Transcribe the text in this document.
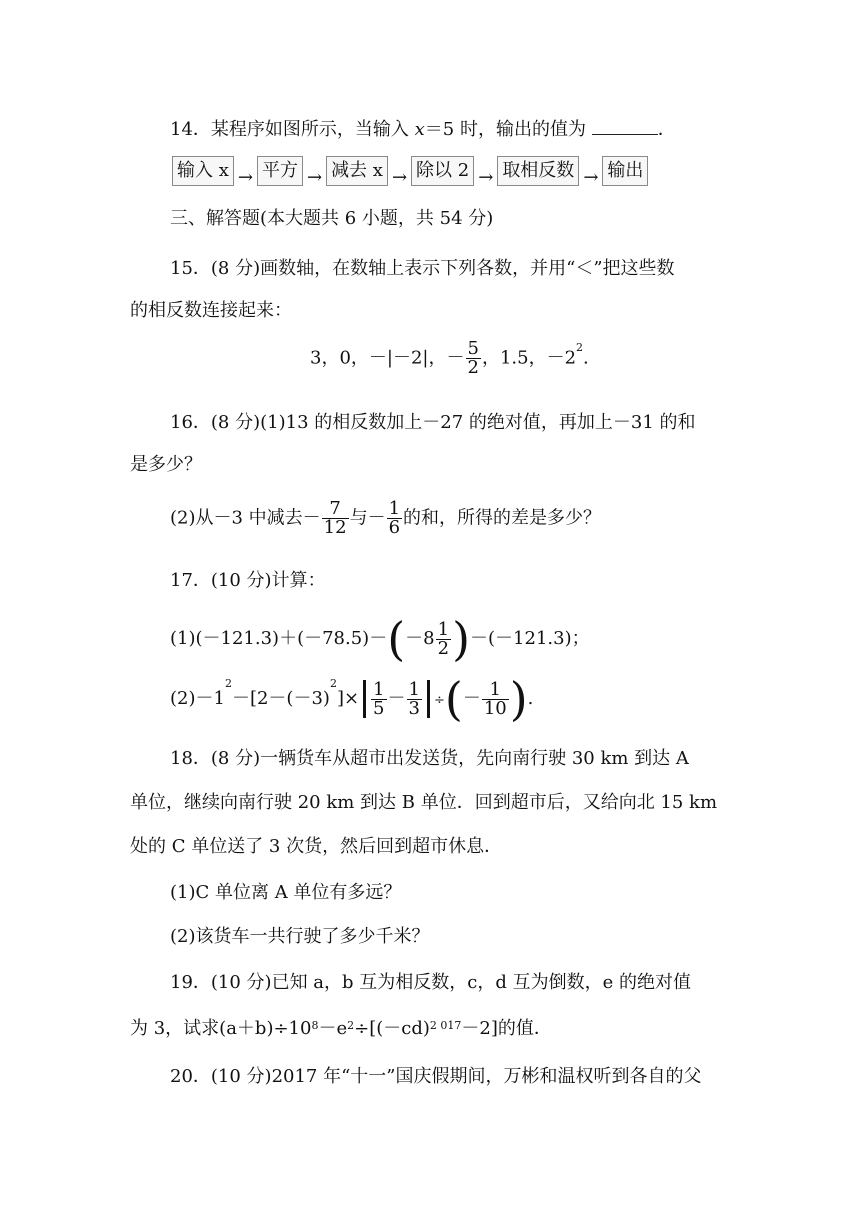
14．某程序如图所示，当输入 x＝5 时，输出的值为	．
输入 x → 平方 → 减去 x → 除以 2 → 取相反数 → 输出
三、解答题(本大题共 6 小题，共 54 分)
15．(8 分)画数轴，在数轴上表示下列各数，并用“＜”把这些数
的相反数连接起来：
3，0，－|－2|，－ $\frac{5}{2}$ ，1.5，$-2^2$.
16．(8 分)(1)13 的相反数加上－27 的绝对值，再加上－31 的和
是多少？
(2)从－3 中减去－ $\frac{7}{12}$ 与－ $\frac{1}{6}$ 的和，所得的差是多少？
17．(10 分)计算：
$(1)(-121.3)+(-78.5)-(-8 \frac{1}{2} )-(-121.3)$；
$(2)-1^2-[2-(-3)^2]\times \frac{1}{5} - \frac{1}{3}$ ÷(－ $\frac{1}{10}$ ).
18．(8 分)一辆货车从超市出发送货，先向南行驶 30 km 到达 A
单位，继续向南行驶 20 km 到达 B 单位．回到超市后，又给向北 15 km
处的 C 单位送了 3 次货，然后回到超市休息．
(1)C 单位离 A 单位有多远？
(2)该货车一共行驶了多少千米？
19．(10 分)已知 a，b 互为相反数，c，d 互为倒数，e 的绝对值
为 3，试求$(a+b)\div 10^8-e^2\div[(-cd)^{2 017}-2]$的值．
20．(10 分)2017 年“十一”国庆假期间，万彬和温权听到各自的父
